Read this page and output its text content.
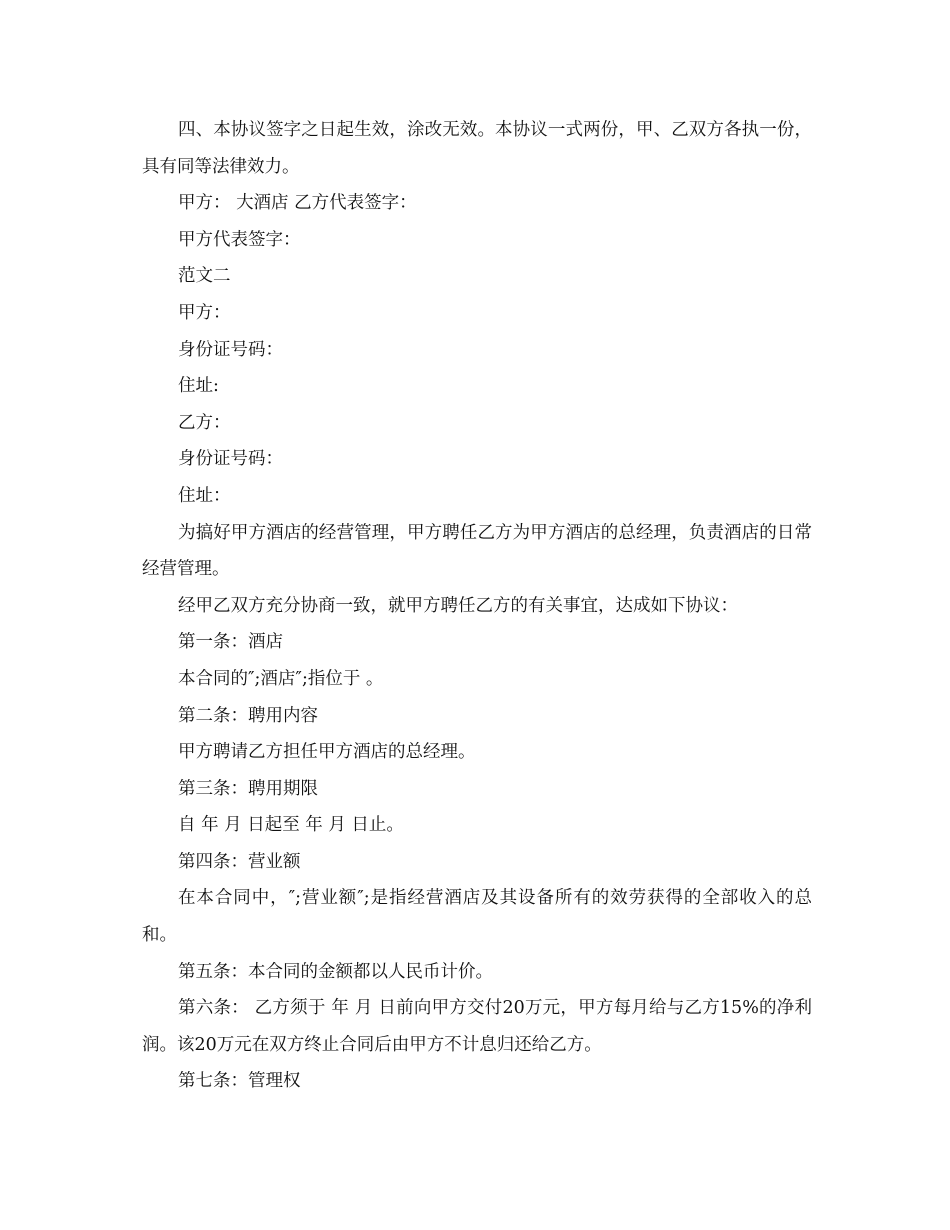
四、本协议签字之日起生效，涂改无效。本协议一式两份，甲、乙双方各执一份，具有同等法律效力。

甲方： 大酒店 乙方代表签字：

甲方代表签字：

范文二

甲方：

身份证号码：

住址:

乙方：

身份证号码：

住址：

为搞好甲方酒店的经营管理，甲方聘任乙方为甲方酒店的总经理，负责酒店的日常经营管理。

经甲乙双方充分协商一致，就甲方聘任乙方的有关事宜，达成如下协议：

第一条：酒店

本合同的″;酒店″;指位于 。

第二条：聘用内容

甲方聘请乙方担任甲方酒店的总经理。

第三条：聘用期限

自 年 月 日起至 年 月 日止。

第四条：营业额

在本合同中，″;营业额″;是指经营酒店及其设备所有的效劳获得的全部收入的总和。

第五条：本合同的金额都以人民币计价。

第六条： 乙方须于 年 月 日前向甲方交付20万元，甲方每月给与乙方15%的净利润。该20万元在双方终止合同后由甲方不计息归还给乙方。

第七条：管理权
